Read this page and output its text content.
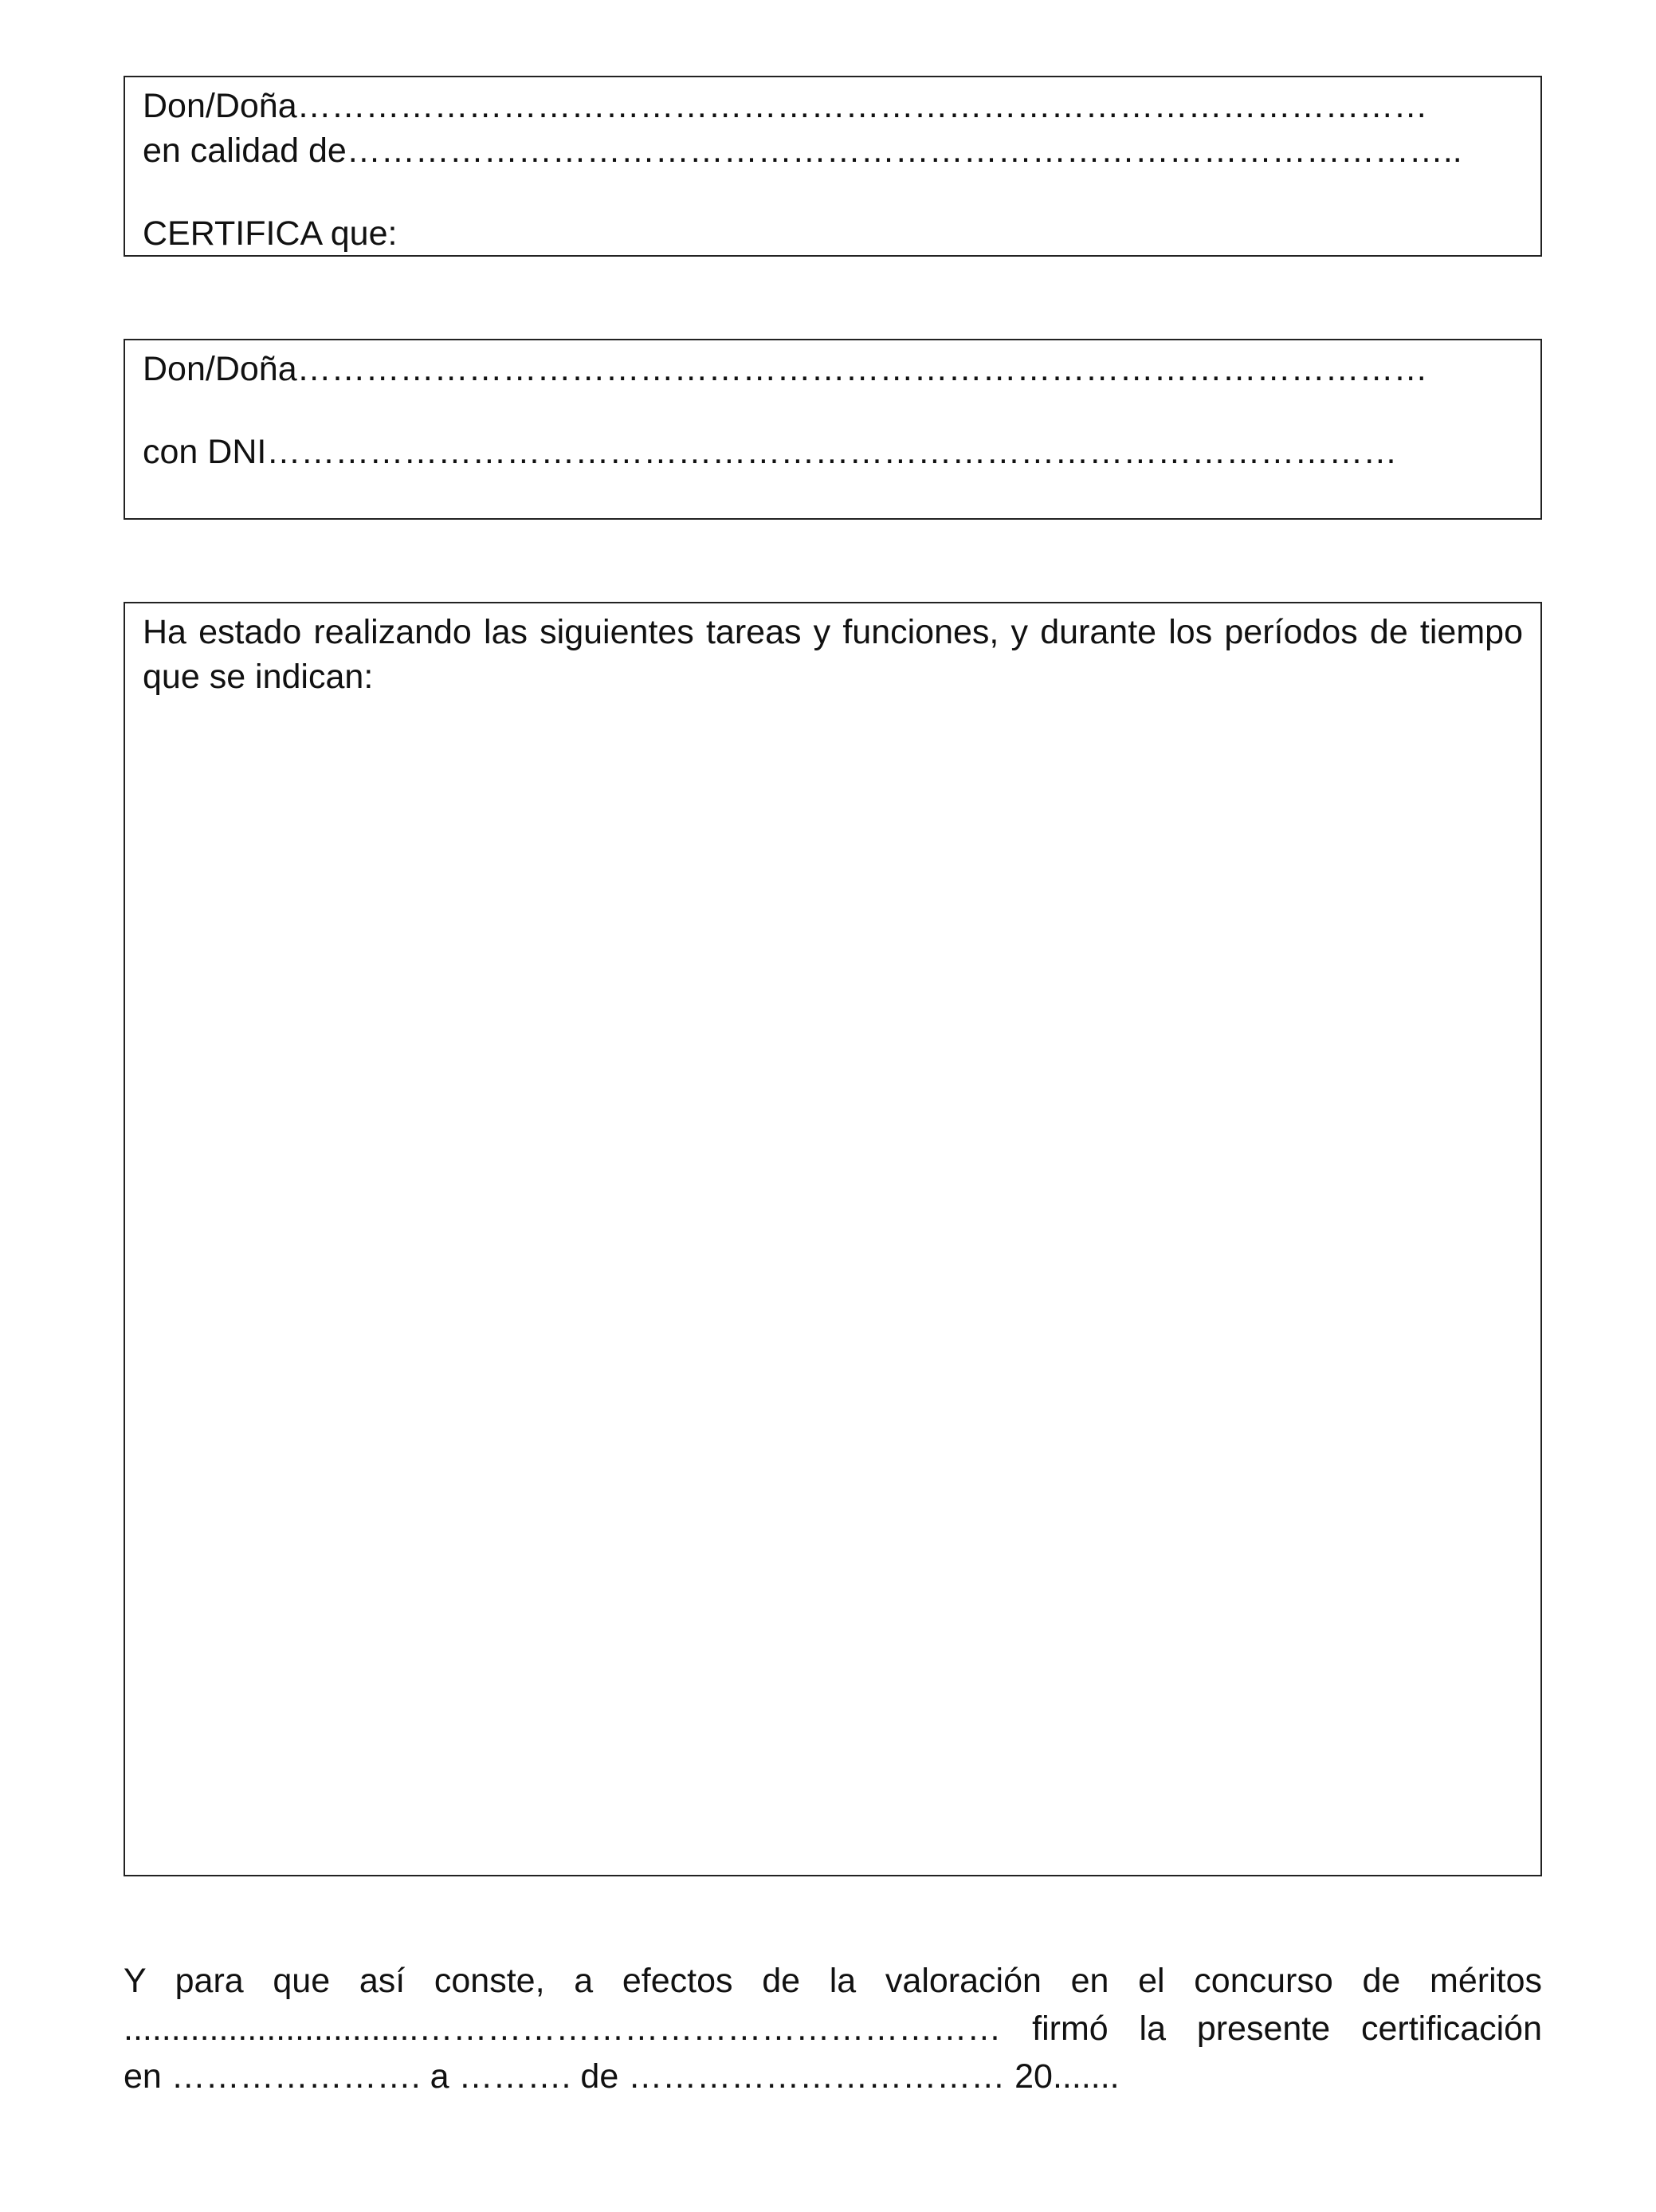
Don/Doña………………………………………………………………………………………
en calidad de……………………………………………………………………………………..
CERTIFICA que:
Don/Doña………………………………………………………………………………………
con DNI………………………………………………………………………………………
Ha estado realizando las siguientes tareas y funciones, y durante los períodos de tiempo que se indican:
Y para que así conste, a efectos de la valoración en el concurso de méritos
...............................…………………………………………… firmó la presente certificación
en …………………. a ………. de …………………………… 20.......
